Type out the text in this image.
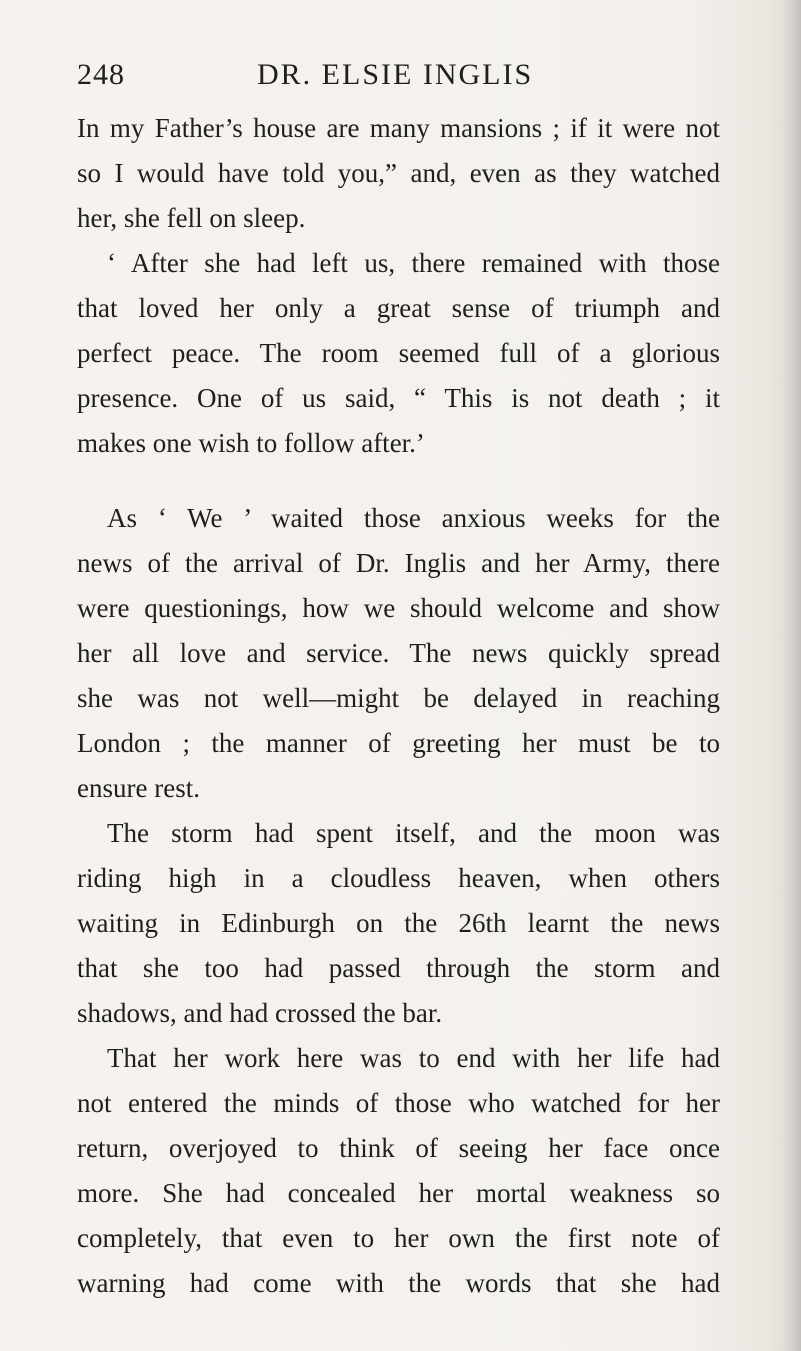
248	DR. ELSIE INGLIS
In my Father’s house are many mansions ; if it were not
so I would have told you,” and, even as they watched
her, she fell on sleep.
‘ After she had left us, there remained with those
that loved her only a great sense of triumph and
perfect peace. The room seemed full of a glorious
presence. One of us said, “ This is not death ; it
makes one wish to follow after.’
As ‘ We ’ waited those anxious weeks for the
news of the arrival of Dr. Inglis and her Army, there
were questionings, how we should welcome and show
her all love and service. The news quickly spread
she was not well—might be delayed in reaching
London ; the manner of greeting her must be to
ensure rest.
The storm had spent itself, and the moon was
riding high in a cloudless heaven, when others
waiting in Edinburgh on the 26th learnt the news
that she too had passed through the storm and
shadows, and had crossed the bar.
That her work here was to end with her life had
not entered the minds of those who watched for her
return, overjoyed to think of seeing her face once
more. She had concealed her mortal weakness so
completely, that even to her own the first note of
warning had come with the words that she had
